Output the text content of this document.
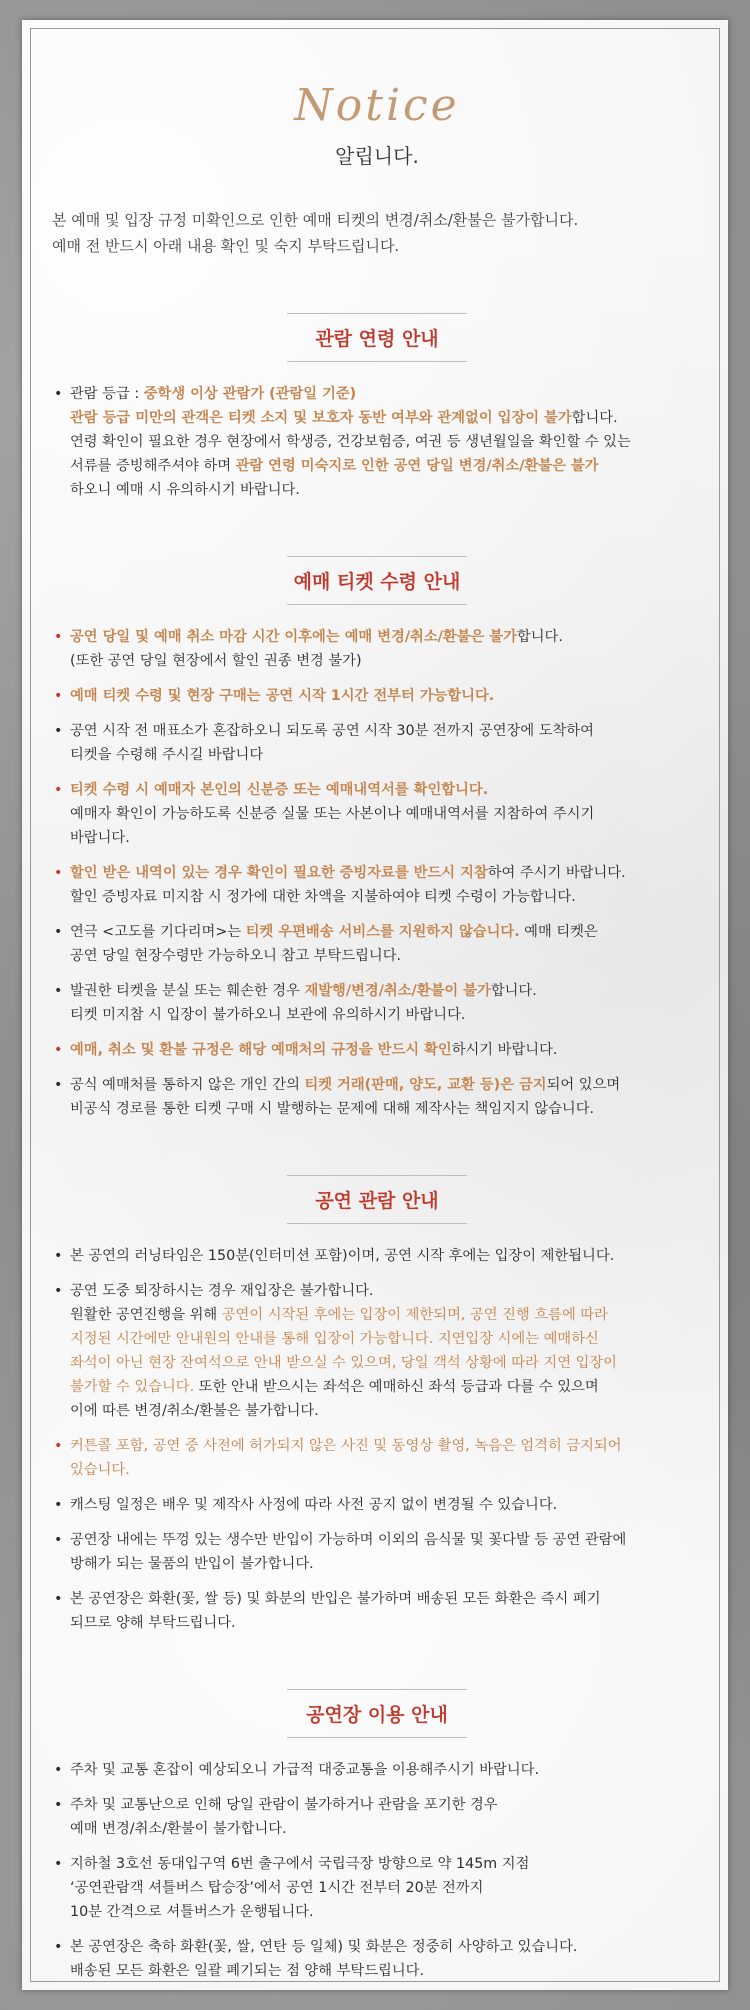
Notice
알립니다.
본 예매 및 입장 규정 미확인으로 인한 예매 티켓의 변경/취소/환불은 불가합니다.
예매 전 반드시 아래 내용 확인 및 숙지 부탁드립니다.
관람 연령 안내
• 관람 등급 : 중학생 이상 관람가 (관람일 기준)
관람 등급 미만의 관객은 티켓 소지 및 보호자 동반 여부와 관계없이 입장이 불가합니다.
연령 확인이 필요한 경우 현장에서 학생증, 건강보험증, 여권 등 생년월일을 확인할 수 있는
서류를 증빙해주셔야 하며 관람 연령 미숙지로 인한 공연 당일 변경/취소/환불은 불가
하오니 예매 시 유의하시기 바랍니다.
예매 티켓 수령 안내
• 공연 당일 및 예매 취소 마감 시간 이후에는 예매 변경/취소/환불은 불가합니다.
(또한 공연 당일 현장에서 할인 권종 변경 불가)
• 예매 티켓 수령 및 현장 구매는 공연 시작 1시간 전부터 가능합니다.
• 공연 시작 전 매표소가 혼잡하오니 되도록 공연 시작 30분 전까지 공연장에 도착하여
티켓을 수령해 주시길 바랍니다
• 티켓 수령 시 예매자 본인의 신분증 또는 예매내역서를 확인합니다.
예매자 확인이 가능하도록 신분증 실물 또는 사본이나 예매내역서를 지참하여 주시기
바랍니다.
• 할인 받은 내역이 있는 경우 확인이 필요한 증빙자료를 반드시 지참하여 주시기 바랍니다.
할인 증빙자료 미지참 시 정가에 대한 차액을 지불하여야 티켓 수령이 가능합니다.
• 연극 <고도를 기다리며>는 티켓 우편배송 서비스를 지원하지 않습니다. 예매 티켓은
공연 당일 현장수령만 가능하오니 참고 부탁드립니다.
• 발권한 티켓을 분실 또는 훼손한 경우 재발행/변경/취소/환불이 불가합니다.
티켓 미지참 시 입장이 불가하오니 보관에 유의하시기 바랍니다.
• 예매, 취소 및 환불 규정은 해당 예매처의 규정을 반드시 확인하시기 바랍니다.
• 공식 예매처를 통하지 않은 개인 간의 티켓 거래(판매, 양도, 교환 등)은 금지되어 있으며
비공식 경로를 통한 티켓 구매 시 발행하는 문제에 대해 제작사는 책임지지 않습니다.
공연 관람 안내
• 본 공연의 러닝타임은 150분(인터미션 포함)이며, 공연 시작 후에는 입장이 제한됩니다.
• 공연 도중 퇴장하시는 경우 재입장은 불가합니다.
원활한 공연진행을 위해 공연이 시작된 후에는 입장이 제한되며, 공연 진행 흐름에 따라
지정된 시간에만 안내원의 안내를 통해 입장이 가능합니다. 지연입장 시에는 예매하신
좌석이 아닌 현장 잔여석으로 안내 받으실 수 있으며, 당일 객석 상황에 따라 지연 입장이
불가할 수 있습니다. 또한 안내 받으시는 좌석은 예매하신 좌석 등급과 다를 수 있으며
이에 따른 변경/취소/환불은 불가합니다.
• 커튼콜 포함, 공연 중 사전에 허가되지 않은 사진 및 동영상 촬영, 녹음은 엄격히 금지되어
있습니다.
• 캐스팅 일정은 배우 및 제작사 사정에 따라 사전 공지 없이 변경될 수 있습니다.
• 공연장 내에는 뚜껑 있는 생수만 반입이 가능하며 이외의 음식물 및 꽃다발 등 공연 관람에
방해가 되는 물품의 반입이 불가합니다.
• 본 공연장은 화환(꽃, 쌀 등) 및 화분의 반입은 불가하며 배송된 모든 화환은 즉시 폐기
되므로 양해 부탁드립니다.
공연장 이용 안내
• 주차 및 교통 혼잡이 예상되오니 가급적 대중교통을 이용해주시기 바랍니다.
• 주차 및 교통난으로 인해 당일 관람이 불가하거나 관람을 포기한 경우
예매 변경/취소/환불이 불가합니다.
• 지하철 3호선 동대입구역 6번 출구에서 국립극장 방향으로 약 145m 지점
‘공연관람객 셔틀버스 탑승장’에서 공연 1시간 전부터 20분 전까지
10분 간격으로 셔틀버스가 운행됩니다.
• 본 공연장은 축하 화환(꽃, 쌀, 연탄 등 일체) 및 화분은 정중히 사양하고 있습니다.
배송된 모든 화환은 일괄 폐기되는 점 양해 부탁드립니다.
